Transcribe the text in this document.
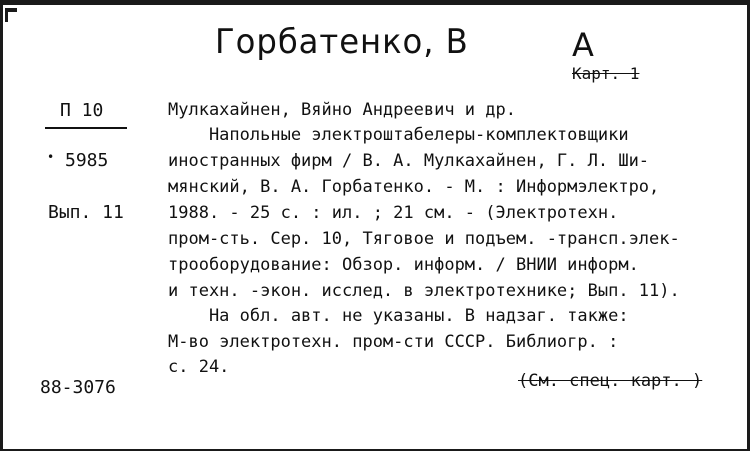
Горбатенко, В	А
Карт. 1
П 10
• 5985
Вып. 11
88-3076
Мулкахайнен, Вяйно Андреевич и др.
Напольные электроштабелеры-комплектовщики
иностранных фирм / В. А. Мулкахайнен, Г. Л. Ши-
мянский, В. А. Горбатенко. - М. : Информэлектро,
1988. - 25 с. : ил. ; 21 см. - (Электротехн.
пром-сть. Сер. 10, Тяговое и подъем. -трансп.элек-
трооборудование: Обзор. информ. / ВНИИ информ.
и техн. -экон. исслед. в электротехнике; Вып. 11).
На обл. авт. не указаны. В надзаг. также:
М-во электротехн. пром-сти СССР. Библиогр. :
с. 24.
(См. спец. карт. )
